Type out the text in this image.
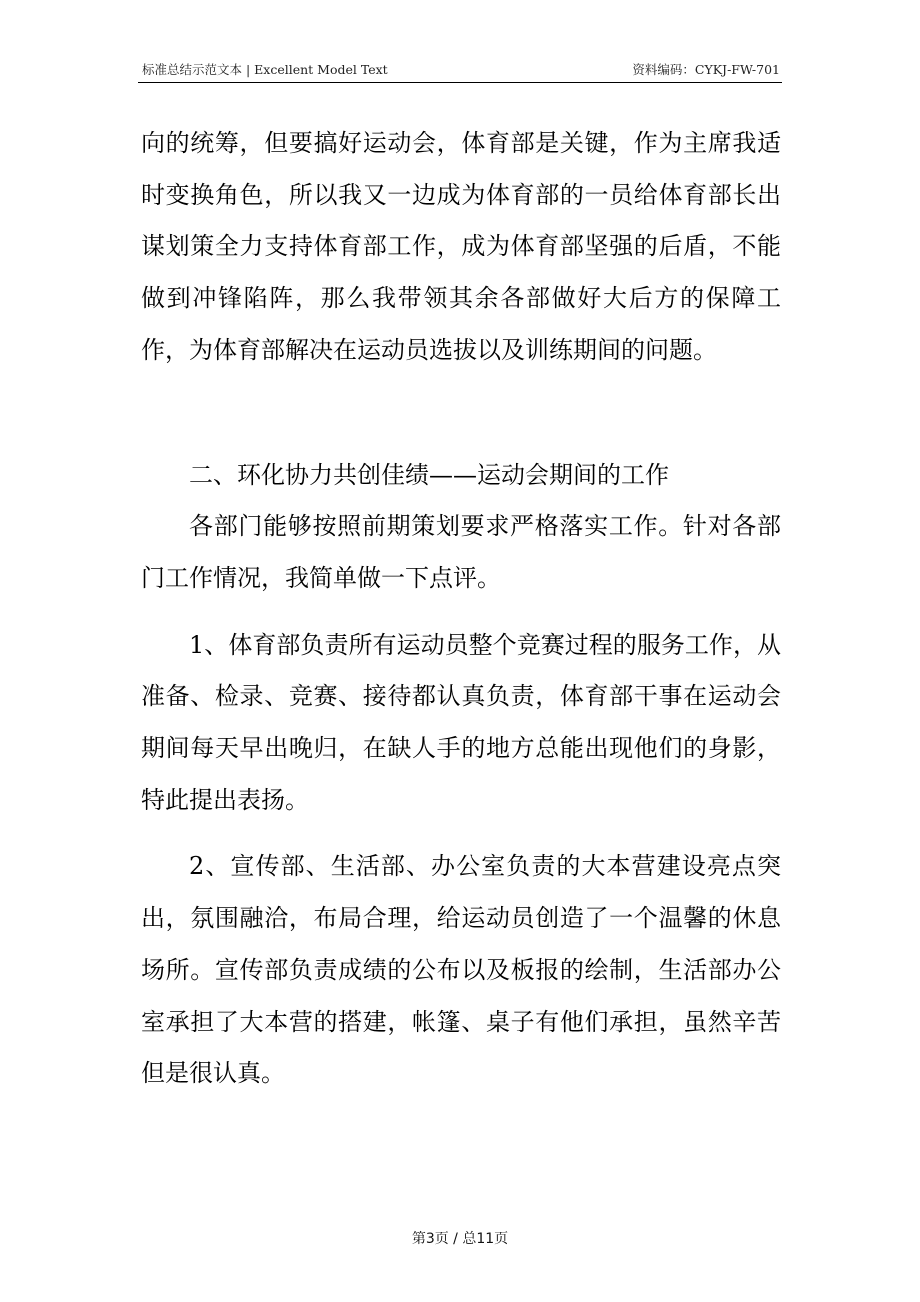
标准总结示范文本 | Excellent Model Text	资料编码：CYKJ-FW-701

向的统筹，但要搞好运动会，体育部是关键，作为主席我适时变换角色，所以我又一边成为体育部的一员给体育部长出谋划策全力支持体育部工作，成为体育部坚强的后盾，不能做到冲锋陷阵，那么我带领其余各部做好大后方的保障工作，为体育部解决在运动员选拔以及训练期间的问题。

二、环化协力共创佳绩——运动会期间的工作

各部门能够按照前期策划要求严格落实工作。针对各部门工作情况，我简单做一下点评。

1、体育部负责所有运动员整个竞赛过程的服务工作，从准备、检录、竞赛、接待都认真负责，体育部干事在运动会期间每天早出晚归，在缺人手的地方总能出现他们的身影，特此提出表扬。

2、宣传部、生活部、办公室负责的大本营建设亮点突出，氛围融洽，布局合理，给运动员创造了一个温馨的休息场所。宣传部负责成绩的公布以及板报的绘制，生活部办公室承担了大本营的搭建，帐篷、桌子有他们承担，虽然辛苦但是很认真。

第3页 / 总11页
